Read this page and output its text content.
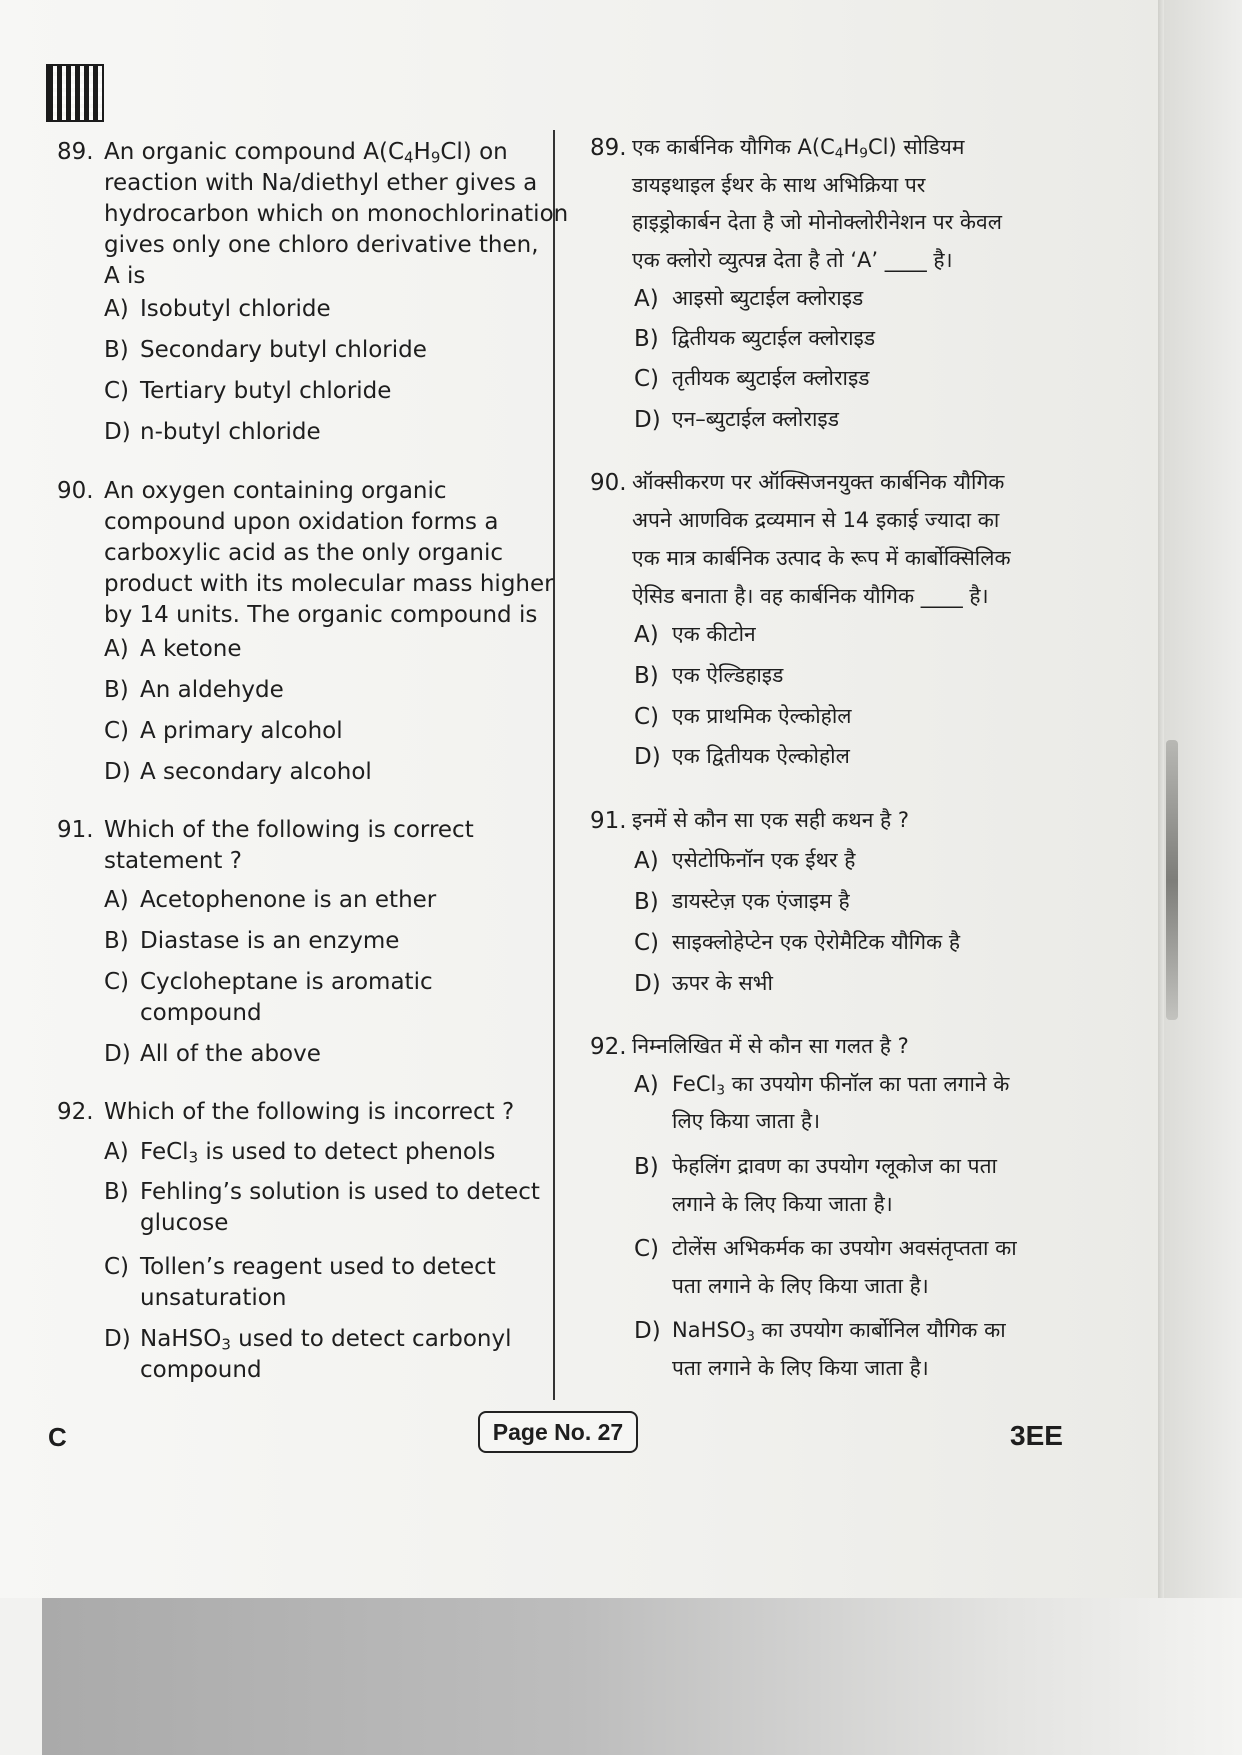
89. An organic compound $A(C_4H_9Cl)$ on
reaction with Na/diethyl ether gives a
hydrocarbon which on monochlorination
gives only one chloro derivative then,
A is
A) Isobutyl chloride
B) Secondary butyl chloride
C) Tertiary butyl chloride
D) n-butyl chloride
90. An oxygen containing organic
compound upon oxidation forms a
carboxylic acid as the only organic
product with its molecular mass higher
by 14 units. The organic compound is
A) A ketone
B) An aldehyde
C) A primary alcohol
D) A secondary alcohol
91. Which of the following is correct
statement ?
A) Acetophenone is an ether
B) Diastase is an enzyme
C) Cycloheptane is aromatic
compound
D) All of the above
92. Which of the following is incorrect ?
A) FeCl$_3$ is used to detect phenols
B) Fehling’s solution is used to detect
glucose
C) Tollen’s reagent used to detect
unsaturation
D) NaHSO$_3$ used to detect carbonyl
compound
89. एक कार्बनिक यौगिक $A(C_4H_9Cl)$ सोडियम
डायइथाइल ईथर के साथ अभिक्रिया पर
हाइड्रोकार्बन देता है जो मोनोक्लोरीनेशन पर केवल
एक क्लोरो व्युत्पन्न देता है तो ‘A’ ____ है।
A) आइसो ब्युटाईल क्लोराइड
B) द्वितीयक ब्युटाईल क्लोराइड
C) तृतीयक ब्युटाईल क्लोराइड
D) एन–ब्युटाईल क्लोराइड
90. ऑक्सीकरण पर ऑक्सिजनयुक्त कार्बनिक यौगिक
अपने आणविक द्रव्यमान से 14 इकाई ज्यादा का
एक मात्र कार्बनिक उत्पाद के रूप में कार्बोक्सिलिक
ऐसिड बनाता है। वह कार्बनिक यौगिक ____ है।
A) एक कीटोन
B) एक ऐल्डिहाइड
C) एक प्राथमिक ऐल्कोहोल
D) एक द्वितीयक ऐल्कोहोल
91. इनमें से कौन सा एक सही कथन है ?
A) एसेटोफिनॉन एक ईथर है
B) डायस्टेज़ एक एंजाइम है
C) साइक्लोहेप्टेन एक ऐरोमैटिक यौगिक है
D) ऊपर के सभी
92. निम्नलिखित में से कौन सा गलत है ?
A) FeCl$_3$ का उपयोग फीनॉल का पता लगाने के
लिए किया जाता है।
B) फेहलिंग द्रावण का उपयोग ग्लूकोज का पता
लगाने के लिए किया जाता है।
C) टोलेंस अभिकर्मक का उपयोग अवसंतृप्तता का
पता लगाने के लिए किया जाता है।
D) NaHSO$_3$ का उपयोग कार्बोनिल यौगिक का
पता लगाने के लिए किया जाता है।
C	Page No. 27	3EE
